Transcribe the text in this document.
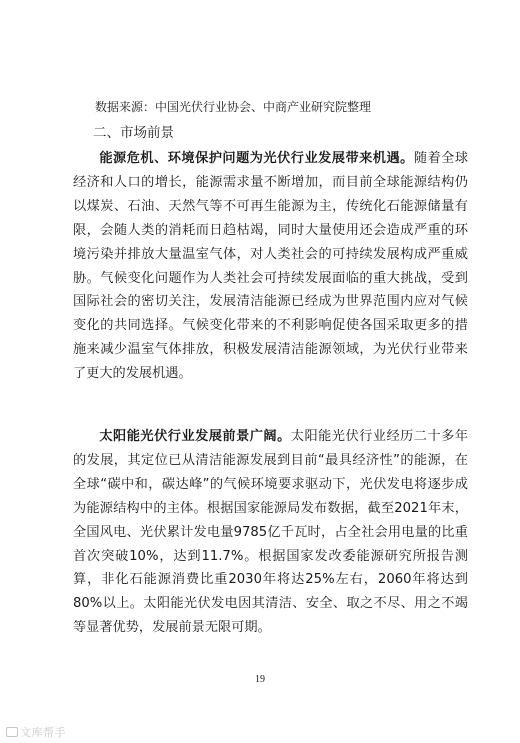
数据来源：中国光伏行业协会、中商产业研究院整理
二、市场前景

能源危机、环境保护问题为光伏行业发展带来机遇。随着全球经济和人口的增长，能源需求量不断增加，而目前全球能源结构仍以煤炭、石油、天然气等不可再生能源为主，传统化石能源储量有限，会随人类的消耗而日趋枯竭，同时大量使用还会造成严重的环境污染并排放大量温室气体，对人类社会的可持续发展构成严重威胁。气候变化问题作为人类社会可持续发展面临的重大挑战，受到国际社会的密切关注，发展清洁能源已经成为世界范围内应对气候变化的共同选择。气候变化带来的不利影响促使各国采取更多的措施来减少温室气体排放，积极发展清洁能源领域，为光伏行业带来了更大的发展机遇。

太阳能光伏行业发展前景广阔。太阳能光伏行业经历二十多年的发展，其定位已从清洁能源发展到目前“最具经济性”的能源，在全球“碳中和，碳达峰”的气候环境要求驱动下，光伏发电将逐步成为能源结构中的主体。根据国家能源局发布数据，截至2021年末，全国风电、光伏累计发电量9785亿千瓦时，占全社会用电量的比重首次突破10%，达到11.7%。根据国家发改委能源研究所报告测算，非化石能源消费比重2030年将达25%左右，2060年将达到80%以上。太阳能光伏发电因其清洁、安全、取之不尽、用之不竭等显著优势，发展前景无限可期。

19
文库帮手
